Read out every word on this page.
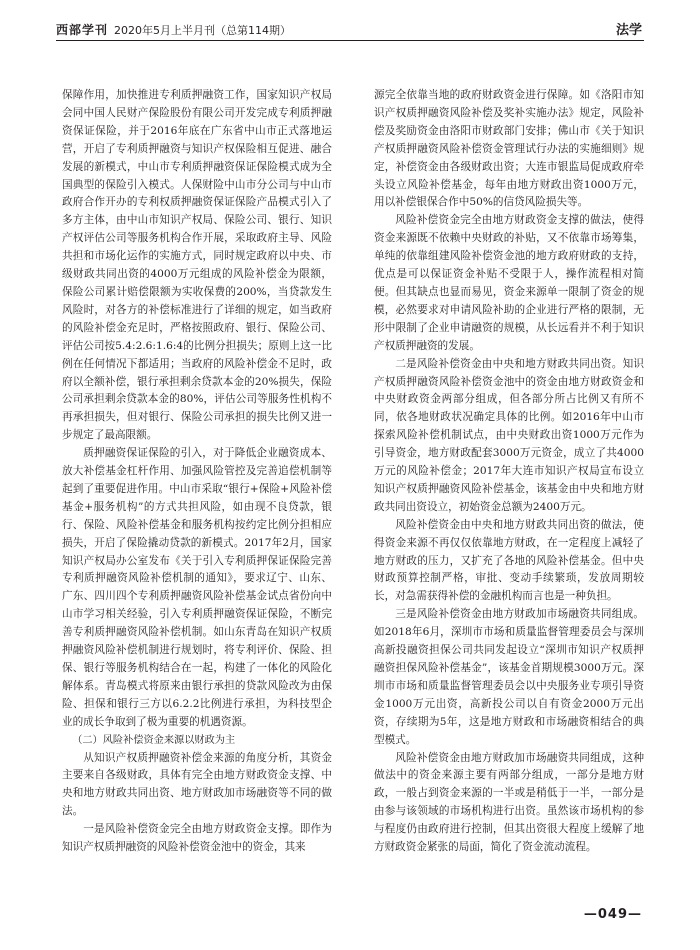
西部学刊 2020年5月上半月刊（总第114期）	法学

保障作用，加快推进专利质押融资工作，国家知识产权局会同中国人民财产保险股份有限公司开发完成专利质押融资保证保险，并于2016年底在广东省中山市正式落地运营，开启了专利质押融资与知识产权保险相互促进、融合发展的新模式，中山市专利质押融资保证保险模式成为全国典型的保险引入模式。人保财险中山市分公司与中山市政府合作开办的专利权质押融资保证保险产品模式引入了多方主体，由中山市知识产权局、保险公司、银行、知识产权评估公司等服务机构合作开展，采取政府主导、风险共担和市场化运作的实施方式，同时规定政府以中央、市级财政共同出资的4000万元组成的风险补偿金为限额，保险公司累计赔偿限额为实收保费的200%，当贷款发生风险时，对各方的补偿标准进行了详细的规定，如当政府的风险补偿金充足时，严格按照政府、银行、保险公司、评估公司按5.4:2.6:1.6:4的比例分担损失；原则上这一比例在任何情况下都适用；当政府的风险补偿金不足时，政府以全额补偿，银行承担剩余贷款本金的20%损失，保险公司承担剩余贷款本金的80%，评估公司等服务性机构不再承担损失，但对银行、保险公司承担的损失比例又进一步规定了最高限额。

质押融资保证保险的引入，对于降低企业融资成本、放大补偿基金杠杆作用、加强风险管控及完善追偿机制等起到了重要促进作用。中山市采取“银行+保险+风险补偿基金+服务机构”的方式共担风险，如由现不良贷款，银行、保险、风险补偿基金和服务机构按约定比例分担相应损失，开启了保险撬动贷款的新模式。2017年2月，国家知识产权局办公室发布《关于引入专利质押保证保险完善专利质押融资风险补偿机制的通知》，要求辽宁、山东、广东、四川四个专利质押融资风险补偿基金试点省份向中山市学习相关经验，引入专利质押融资保证保险，不断完善专利质押融资风险补偿机制。如山东青岛在知识产权质押融资风险补偿机制进行规划时，将专利评价、保险、担保、银行等服务机构结合在一起，构建了一体化的风险化解体系。青岛模式将原来由银行承担的贷款风险改为由保险、担保和银行三方以6.2.2比例进行承担，为科技型企业的成长争取到了极为重要的机遇资源。

（二）风险补偿资金来源以财政为主

从知识产权质押融资补偿金来源的角度分析，其资金主要来自各级财政，具体有完全由地方财政资金支撑、中央和地方财政共同出资、地方财政加市场融资等不同的做法。

一是风险补偿资金完全由地方财政资金支撑。即作为知识产权质押融资的风险补偿资金池中的资金，其来

源完全依靠当地的政府财政资金进行保障。如《洛阳市知识产权质押融资风险补偿及奖补实施办法》规定，风险补偿及奖励资金由洛阳市财政部门安排；佛山市《关于知识产权质押融资风险补偿资金管理试行办法的实施细则》规定，补偿资金由各级财政出资；大连市银监局促成政府牵头设立风险补偿基金，每年由地方财政出资1000万元，用以补偿银保合作中50%的信贷风险损失等。

风险补偿资金完全由地方财政资金支撑的做法，使得资金来源既不依赖中央财政的补贴，又不依靠市场筹集，单纯的依靠组建风险补偿资金池的地方政府财政的支持，优点是可以保证资金补贴不受限于人，操作流程相对简便。但其缺点也显而易见，资金来源单一限制了资金的规模，必然要求对申请风险补助的企业进行严格的限制，无形中限制了企业申请融资的规模，从长远看并不利于知识产权质押融资的发展。

二是风险补偿资金由中央和地方财政共同出资。知识产权质押融资风险补偿资金池中的资金由地方财政资金和中央财政资金两部分组成，但各部分所占比例又有所不同，依各地财政状况确定具体的比例。如2016年中山市探索风险补偿机制试点，由中央财政出资1000万元作为引导资金，地方财政配套3000万元资金，成立了共4000万元的风险补偿金；2017年大连市知识产权局宣布设立知识产权质押融资风险补偿基金，该基金由中央和地方财政共同出资设立，初始资金总额为2400万元。

风险补偿资金由中央和地方财政共同出资的做法，使得资金来源不再仅仅依靠地方财政，在一定程度上减轻了地方财政的压力，又扩充了各地的风险补偿基金。但中央财政预算控制严格，审批、变动手续繁琐，发放周期较长，对急需获得补偿的金融机构而言也是一种负担。

三是风险补偿资金由地方财政加市场融资共同组成。如2018年6月，深圳市市场和质量监督管理委员会与深圳高新投融资担保公司共同发起设立“深圳市知识产权质押融资担保风险补偿基金”，该基金首期规模3000万元。深圳市市场和质量监督管理委员会以中央服务业专项引导资金1000万元出资，高新投公司以自有资金2000万元出资，存续期为5年，这是地方财政和市场融资相结合的典型模式。

风险补偿资金由地方财政加市场融资共同组成，这种做法中的资金来源主要有两部分组成，一部分是地方财政，一般占到资金来源的一半或是稍低于一半，一部分是由参与该领域的市场机构进行出资。虽然该市场机构的参与程度仍由政府进行控制，但其出资很大程度上缓解了地方财政资金紧张的局面，简化了资金流动流程。

—049—
